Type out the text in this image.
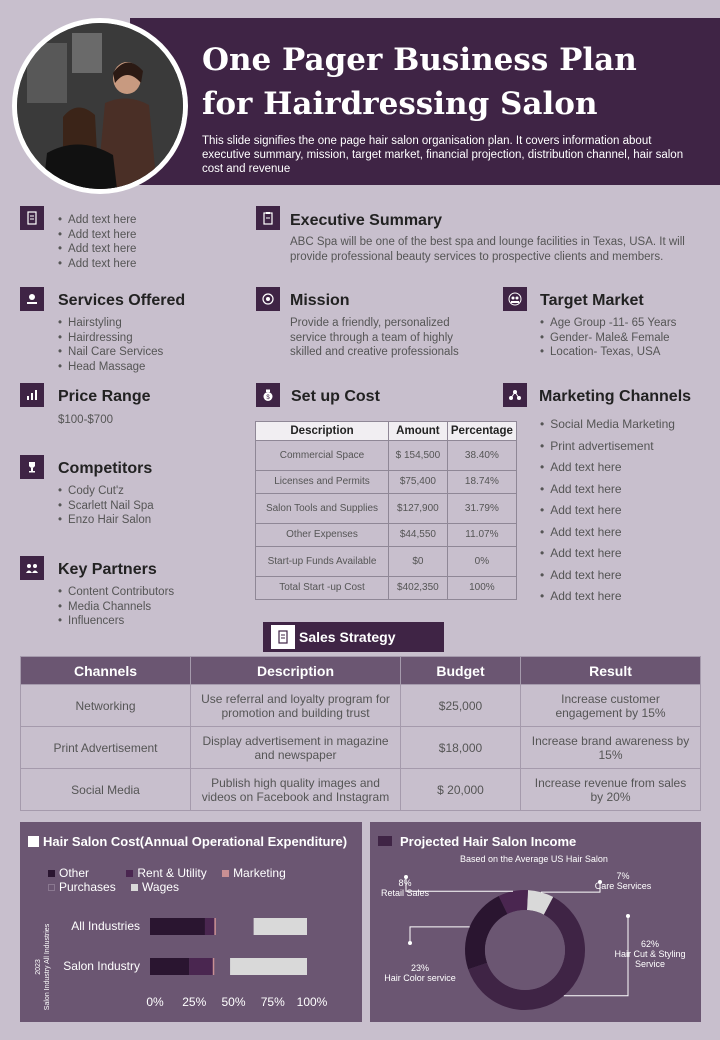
One Pager Business Plan
for Hairdressing Salon
This slide signifies the one page hair salon organisation plan. It covers information about executive summary, mission, target market, financial projection, distribution channel, hair salon cost and revenue
• Add text here
• Add text here
• Add text here
• Add text here
Executive Summary
ABC Spa will be one of the best spa and lounge facilities in Texas, USA. It will provide professional beauty services to prospective clients and members.
Services Offered
• Hairstyling
• Hairdressing
• Nail Care Services
• Head Massage
Mission
Provide a friendly, personalized service through a team of highly skilled and creative professionals
Target Market
• Age Group -11- 65 Years
• Gender- Male& Female
• Location- Texas, USA
Price Range
$100-$700
$ Set up Cost
Description	Amount	Percentage
Commercial Space	$ 154,500	38.40%
Licenses and Permits	$75,400	18.74%
Salon Tools and Supplies	$127,900	31.79%
Other Expenses	$44,550	11.07%
Start-up Funds Available	$0	0%
Total Start -up Cost	$402,350	100%
Marketing Channels
• Social Media Marketing
• Print advertisement
• Add text here
• Add text here
• Add text here
• Add text here
• Add text here
• Add text here
• Add text here
Competitors
• Cody Cut'z
• Scarlett Nail Spa
• Enzo Hair Salon
Key Partners
• Content Contributors
• Media Channels
• Influencers
Sales Strategy
Channels	Description	Budget	Result
Networking	Use referral and loyalty program for promotion and building trust	$25,000	Increase customer engagement by 15%
Print Advertisement	Display advertisement in magazine and newspaper	$18,000	Increase brand awareness by 15%
Social Media	Publish high quality images and videos on Facebook and Instagram	$ 20,000	Increase revenue from sales by 20%
Hair Salon Cost(Annual Operational Expenditure)
Other	Rent & Utility Marketing
Purchases Wages
2023 Salon Industry All Industries All Industries
Salon Industry
0% 25% 50% 75% 100%
Projected Hair Salon Income
Based on the Average US Hair Salon
7%
Care Services
62%
Hair Cut & Styling
Service
23%
Hair Color service
8%
Retail Sales
